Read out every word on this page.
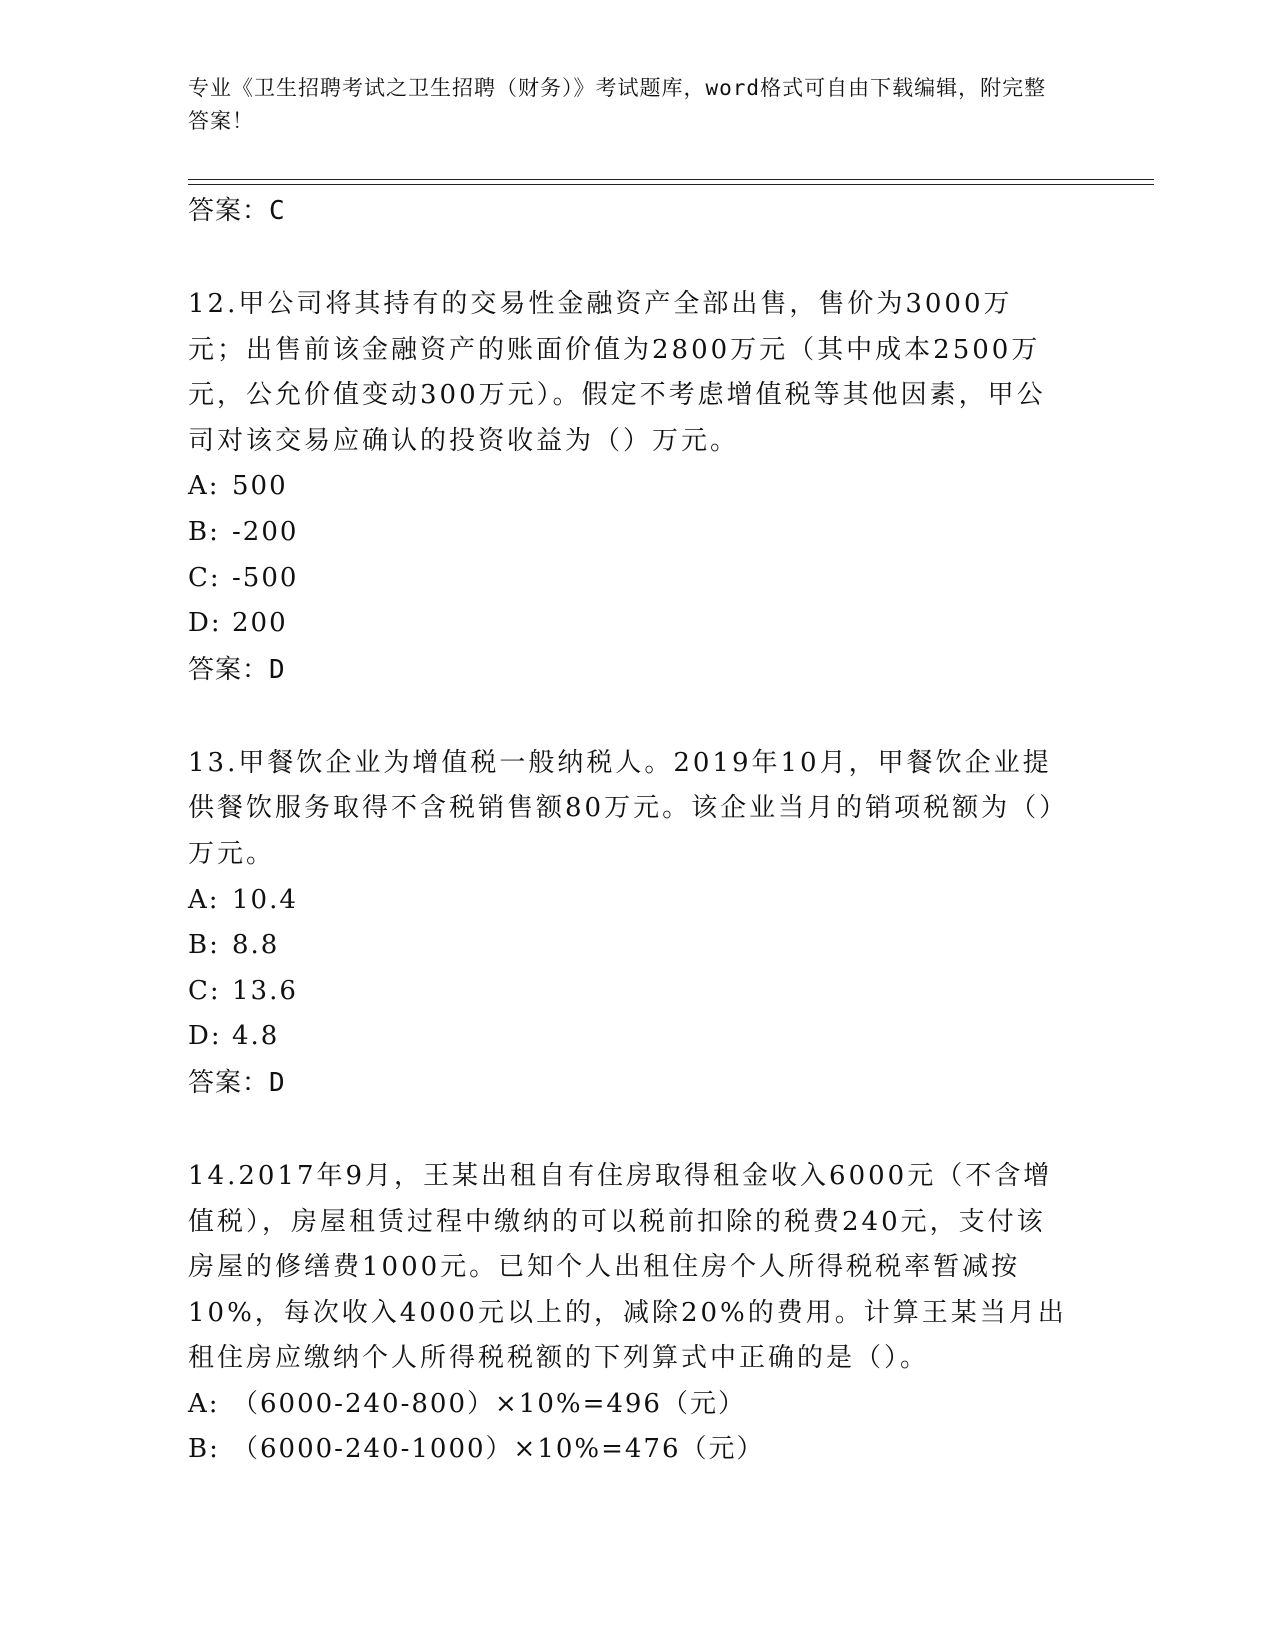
专业《卫生招聘考试之卫生招聘（财务）》考试题库，word格式可自由下载编辑，附完整答案！
答案：C
12.甲公司将其持有的交易性金融资产全部出售，售价为3000万元；出售前该金融资产的账面价值为2800万元（其中成本2500万元，公允价值变动300万元）。假定不考虑增值税等其他因素，甲公司对该交易应确认的投资收益为（）万元。
A: 500
B: -200
C: -500
D: 200
答案：D
13.甲餐饮企业为增值税一般纳税人。2019年10月，甲餐饮企业提供餐饮服务取得不含税销售额80万元。该企业当月的销项税额为（）万元。
A: 10.4
B: 8.8
C: 13.6
D: 4.8
答案：D
14.2017年9月，王某出租自有住房取得租金收入6000元（不含增值税），房屋租赁过程中缴纳的可以税前扣除的税费240元，支付该房屋的修缮费1000元。已知个人出租住房个人所得税税率暂减按10%，每次收入4000元以上的，减除20%的费用。计算王某当月出租住房应缴纳个人所得税税额的下列算式中正确的是（）。
A: （6000-240-800）×10%=496（元）
B: （6000-240-1000）×10%=476（元）
